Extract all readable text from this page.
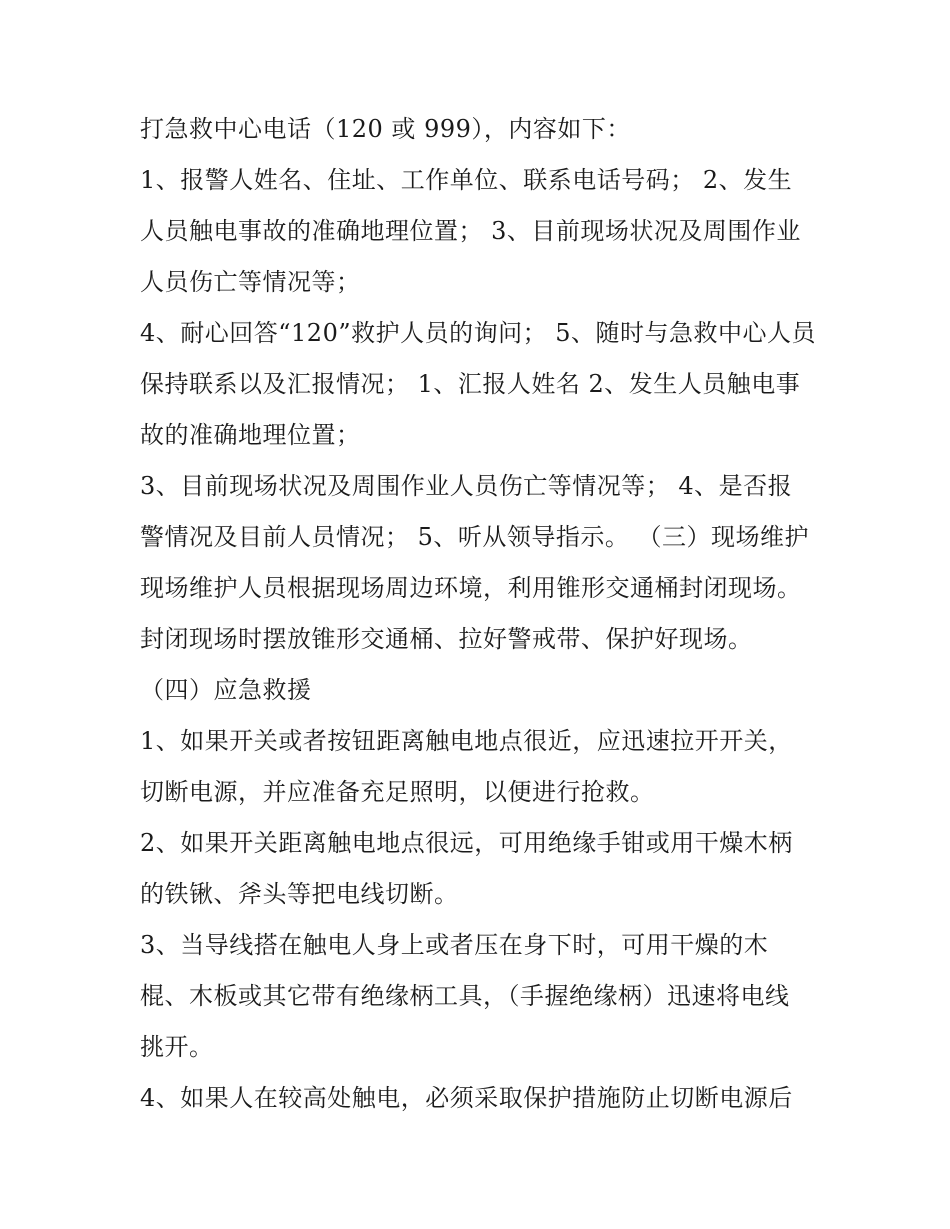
打急救中心电话（120 或 999），内容如下：
1、报警人姓名、住址、工作单位、联系电话号码； 2、发生
人员触电事故的准确地理位置； 3、目前现场状况及周围作业
人员伤亡等情况等；
4、耐心回答“120”救护人员的询问； 5、随时与急救中心人员
保持联系以及汇报情况； 1、汇报人姓名 2、发生人员触电事
故的准确地理位置；
3、目前现场状况及周围作业人员伤亡等情况等； 4、是否报
警情况及目前人员情况； 5、听从领导指示。 （三）现场维护
现场维护人员根据现场周边环境，利用锥形交通桶封闭现场。
封闭现场时摆放锥形交通桶、拉好警戒带、保护好现场。
（四）应急救援
1、如果开关或者按钮距离触电地点很近，应迅速拉开开关，
切断电源，并应准备充足照明，以便进行抢救。
2、如果开关距离触电地点很远，可用绝缘手钳或用干燥木柄
的铁锹、斧头等把电线切断。
3、当导线搭在触电人身上或者压在身下时，可用干燥的木
棍、木板或其它带有绝缘柄工具，（手握绝缘柄）迅速将电线
挑开。
4、如果人在较高处触电，必须采取保护措施防止切断电源后
